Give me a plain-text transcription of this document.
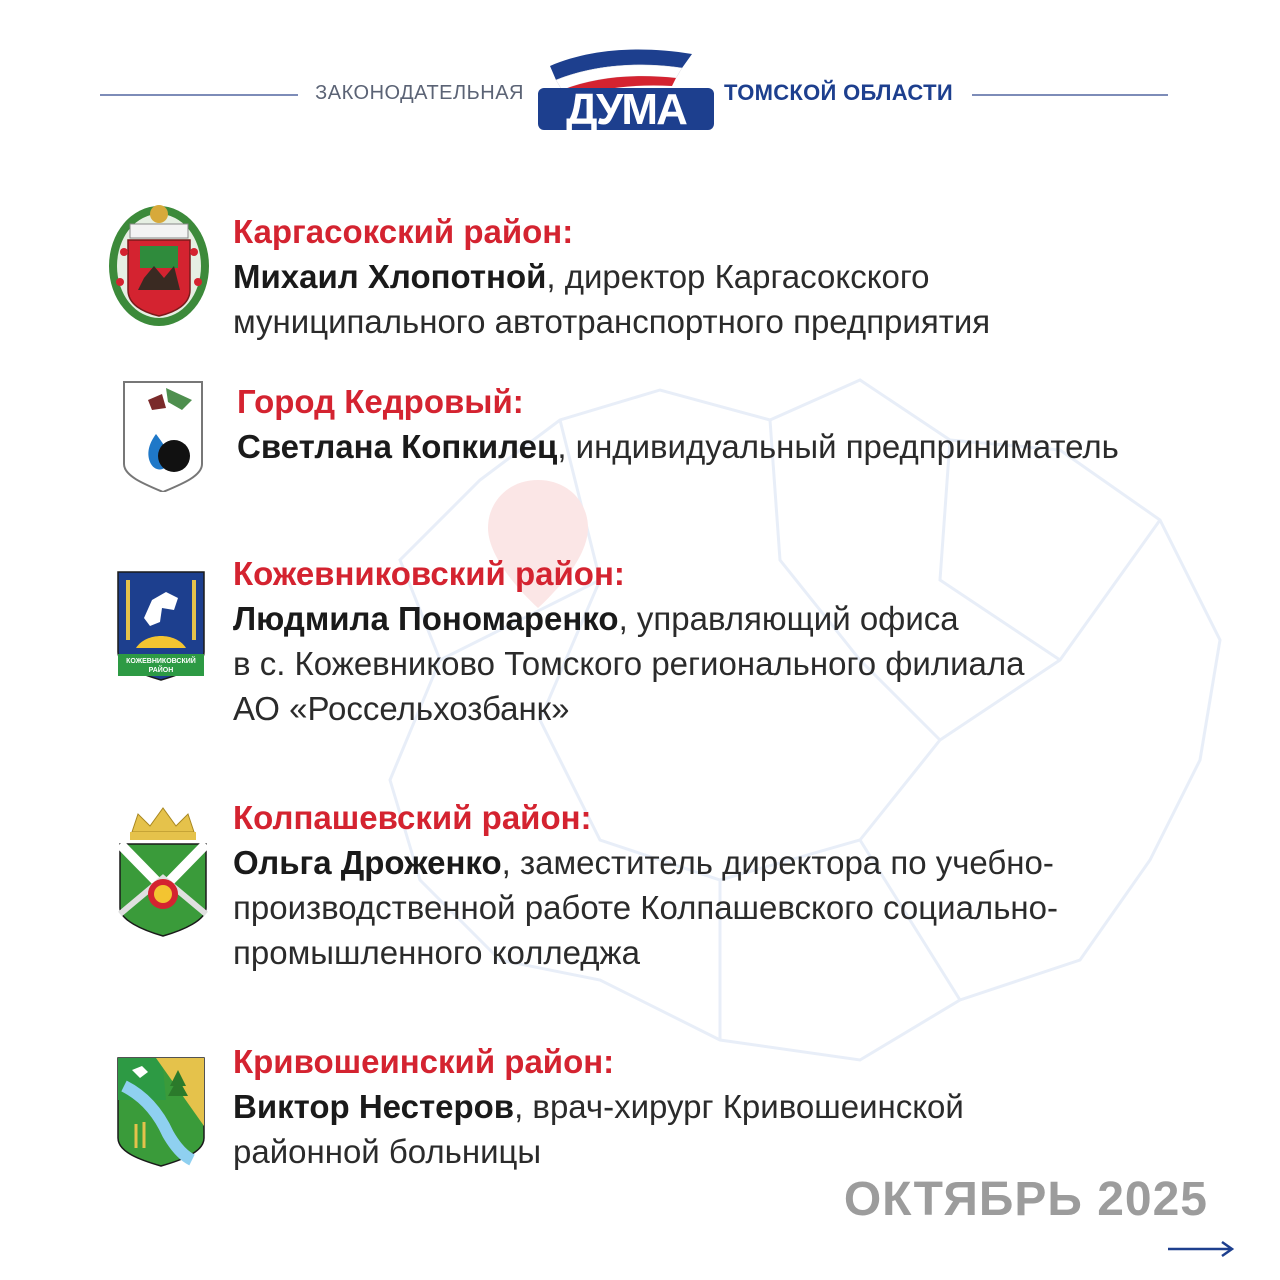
ЗАКОНОДАТЕЛЬНАЯ ДУМА ТОМСКОЙ ОБЛАСТИ
Каргасокский район:
Михаил Хлопотной, директор Каргасокского
муниципального автотранспортного предприятия
Город Кедровый:
Светлана Копкилец, индивидуальный предприниматель
КОЖЕВНИКОВСКИЙ
РАЙОН
Кожевниковский район:
Людмила Пономаренко, управляющий офиса
в с. Кожевниково Томского регионального филиала
АО «Россельхозбанк»
Колпашевский район:
Ольга Дроженко, заместитель директора по учебно-
производственной работе Колпашевского социально-
промышленного колледжа
Кривошеинский район:
Виктор Нестеров, врач-хирург Кривошеинской
районной больницы
ОКТЯБРЬ 2025
